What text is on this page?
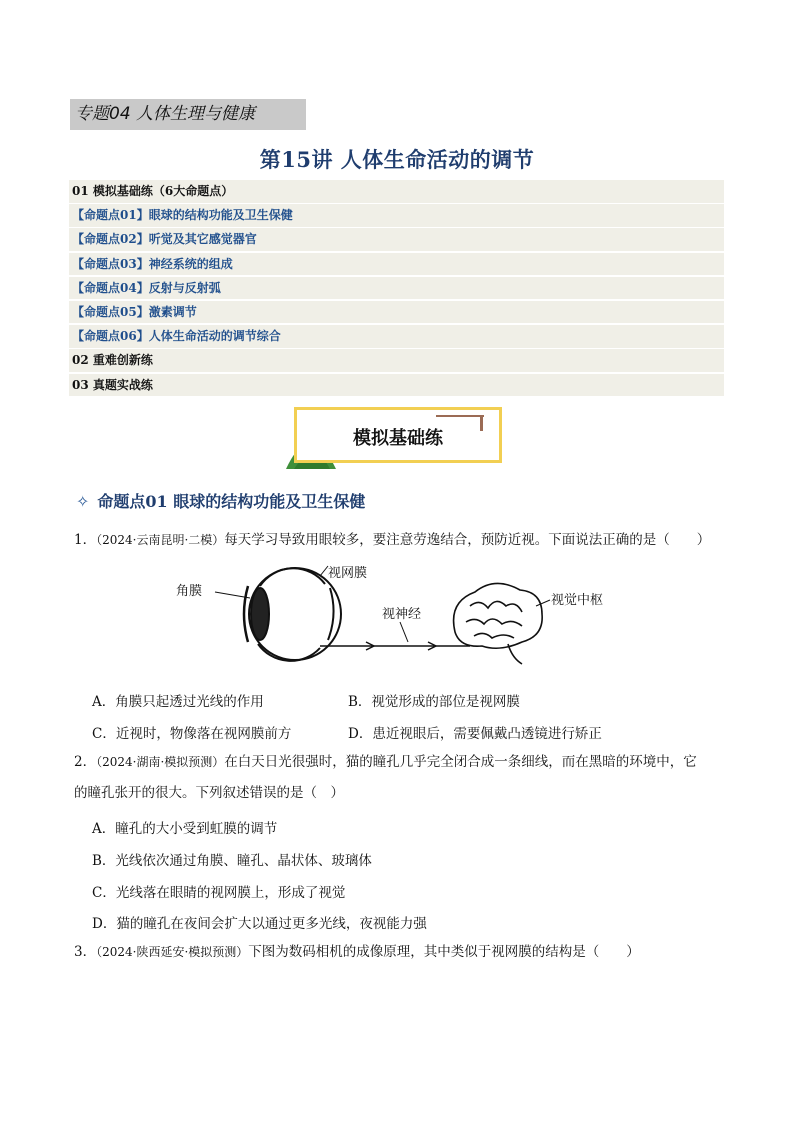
专题04 人体生理与健康
第15讲 人体生命活动的调节
01 模拟基础练（6大命题点）
【命题点01】眼球的结构功能及卫生保健
【命题点02】听觉及其它感觉器官
【命题点03】神经系统的组成
【命题点04】反射与反射弧
【命题点05】激素调节
【命题点06】人体生命活动的调节综合
02 重难创新练
03 真题实战练
模拟基础练
✧ 命题点01 眼球的结构功能及卫生保健
1．（2024·云南昆明·二模）每天学习导致用眼较多，要注意劳逸结合，预防近视。下面说法正确的是（　　）
角膜
视网膜
视神经
视觉中枢
A．角膜只起透过光线的作用	B．视觉形成的部位是视网膜
C．近视时，物像落在视网膜前方	D．患近视眼后，需要佩戴凸透镜进行矫正
2．（2024·湖南·模拟预测）在白天日光很强时，猫的瞳孔几乎完全闭合成一条细线，而在黑暗的环境中，它
的瞳孔张开的很大。下列叙述错误的是（　）
A．瞳孔的大小受到虹膜的调节
B．光线依次通过角膜、瞳孔、晶状体、玻璃体
C．光线落在眼睛的视网膜上，形成了视觉
D．猫的瞳孔在夜间会扩大以通过更多光线，夜视能力强
3．（2024·陕西延安·模拟预测）下图为数码相机的成像原理，其中类似于视网膜的结构是（　　）
